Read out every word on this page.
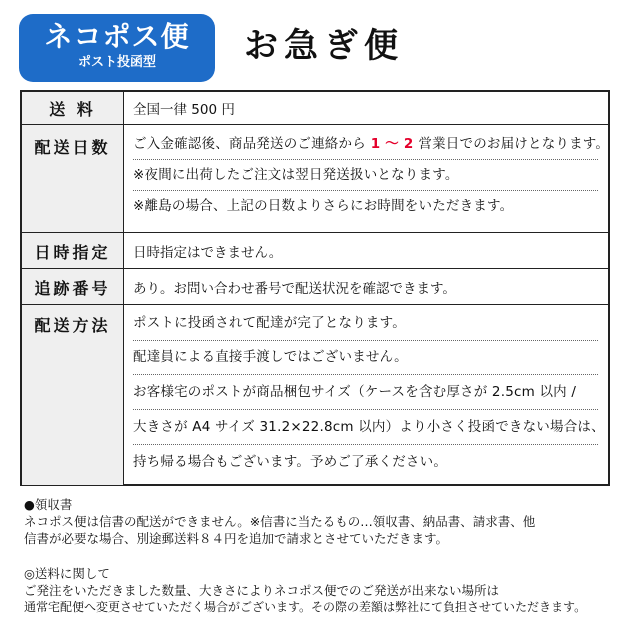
ネコポス便
ポスト投函型	お急ぎ便
送 料	全国一律 500 円
配送日数	ご入金確認後、商品発送のご連絡から 1 ～ 2 営業日でのお届けとなります。
※夜間に出荷したご注文は翌日発送扱いとなります。
※離島の場合、上記の日数よりさらにお時間をいただきます。
日時指定	日時指定はできません。
追跡番号	あり。お問い合わせ番号で配送状況を確認できます。
配送方法	ポストに投函されて配達が完了となります。
配達員による直接手渡しではございません。
お客様宅のポストが商品梱包サイズ（ケースを含む厚さが 2.5cm 以内 /
大きさが A4 サイズ 31.2×22.8cm 以内）より小さく投函できない場合は、
持ち帰る場合もございます。予めご了承ください。
●領収書
ネコポス便は信書の配送ができません。※信書に当たるもの…領収書、納品書、請求書、他
信書が必要な場合、別途郵送料８４円を追加で請求とさせていただきます。
◎送料に関して
ご発注をいただきました数量、大きさによりネコポス便でのご発送が出来ない場所は
通常宅配便へ変更させていただく場合がございます。その際の差額は弊社にて負担させていただきます。
